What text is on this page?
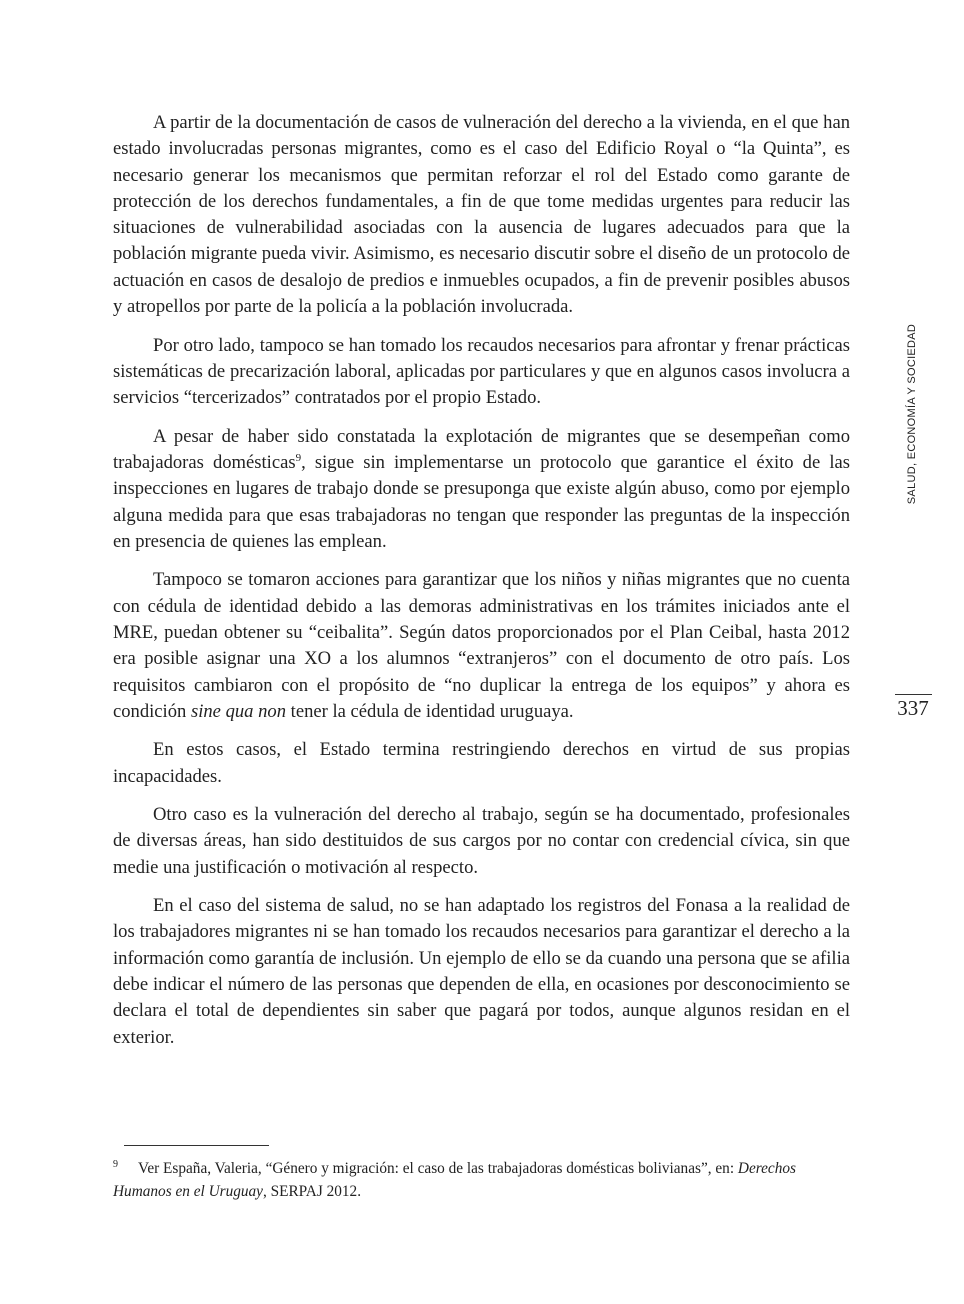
A partir de la documentación de casos de vulneración del derecho a la vivienda, en el que han estado involucradas personas migrantes, como es el caso del Edificio Royal o “la Quinta”, es necesario generar los mecanismos que permitan reforzar el rol del Estado como garante de protección de los derechos fundamentales, a fin de que tome medidas urgentes para reducir las situaciones de vulnerabilidad asociadas con la ausencia de lugares adecuados para que la población migrante pueda vivir. Asimismo, es necesario discutir sobre el diseño de un protocolo de actuación en casos de desalojo de predios e inmuebles ocupados, a fin de prevenir posibles abusos y atropellos por parte de la policía a la población involucrada.

Por otro lado, tampoco se han tomado los recaudos necesarios para afrontar y frenar prácticas sistemáticas de precarización laboral, aplicadas por particulares y que en algunos casos involucra a servicios “tercerizados” contratados por el propio Estado.

A pesar de haber sido constatada la explotación de migrantes que se desempeñan como trabajadoras domésticas$^9$, sigue sin implementarse un protocolo que garantice el éxito de las inspecciones en lugares de trabajo donde se presuponga que existe algún abuso, como por ejemplo alguna medida para que esas trabajadoras no tengan que responder las preguntas de la inspección en presencia de quienes las emplean.

Tampoco se tomaron acciones para garantizar que los niños y niñas migrantes que no cuenta con cédula de identidad debido a las demoras administrativas en los trámites iniciados ante el MRE, puedan obtener su “ceibalita”. Según datos proporcionados por el Plan Ceibal, hasta 2012 era posible asignar una XO a los alumnos “extranjeros” con el documento de otro país. Los requisitos cambiaron con el propósito de “no duplicar la entrega de los equipos” y ahora es condición sine qua non tener la cédula de identidad uruguaya.

En estos casos, el Estado termina restringiendo derechos en virtud de sus propias incapacidades.

Otro caso es la vulneración del derecho al trabajo, según se ha documentado, profesionales de diversas áreas, han sido destituidos de sus cargos por no contar con credencial cívica, sin que medie una justificación o motivación al respecto.

En el caso del sistema de salud, no se han adaptado los registros del Fonasa a la realidad de los trabajadores migrantes ni se han tomado los recaudos necesarios para garantizar el derecho a la información como garantía de inclusión. Un ejemplo de ello se da cuando una persona que se afilia debe indicar el número de las personas que dependen de ella, en ocasiones por desconocimiento se declara el total de dependientes sin saber que pagará por todos, aunque algunos residan en el exterior.

SALUD, ECONOMÍA Y SOCIEDAD
337
$^9$ Ver España, Valeria, “Género y migración: el caso de las trabajadoras domésticas bolivianas”, en: Derechos Humanos en el Uruguay, SERPAJ 2012.
